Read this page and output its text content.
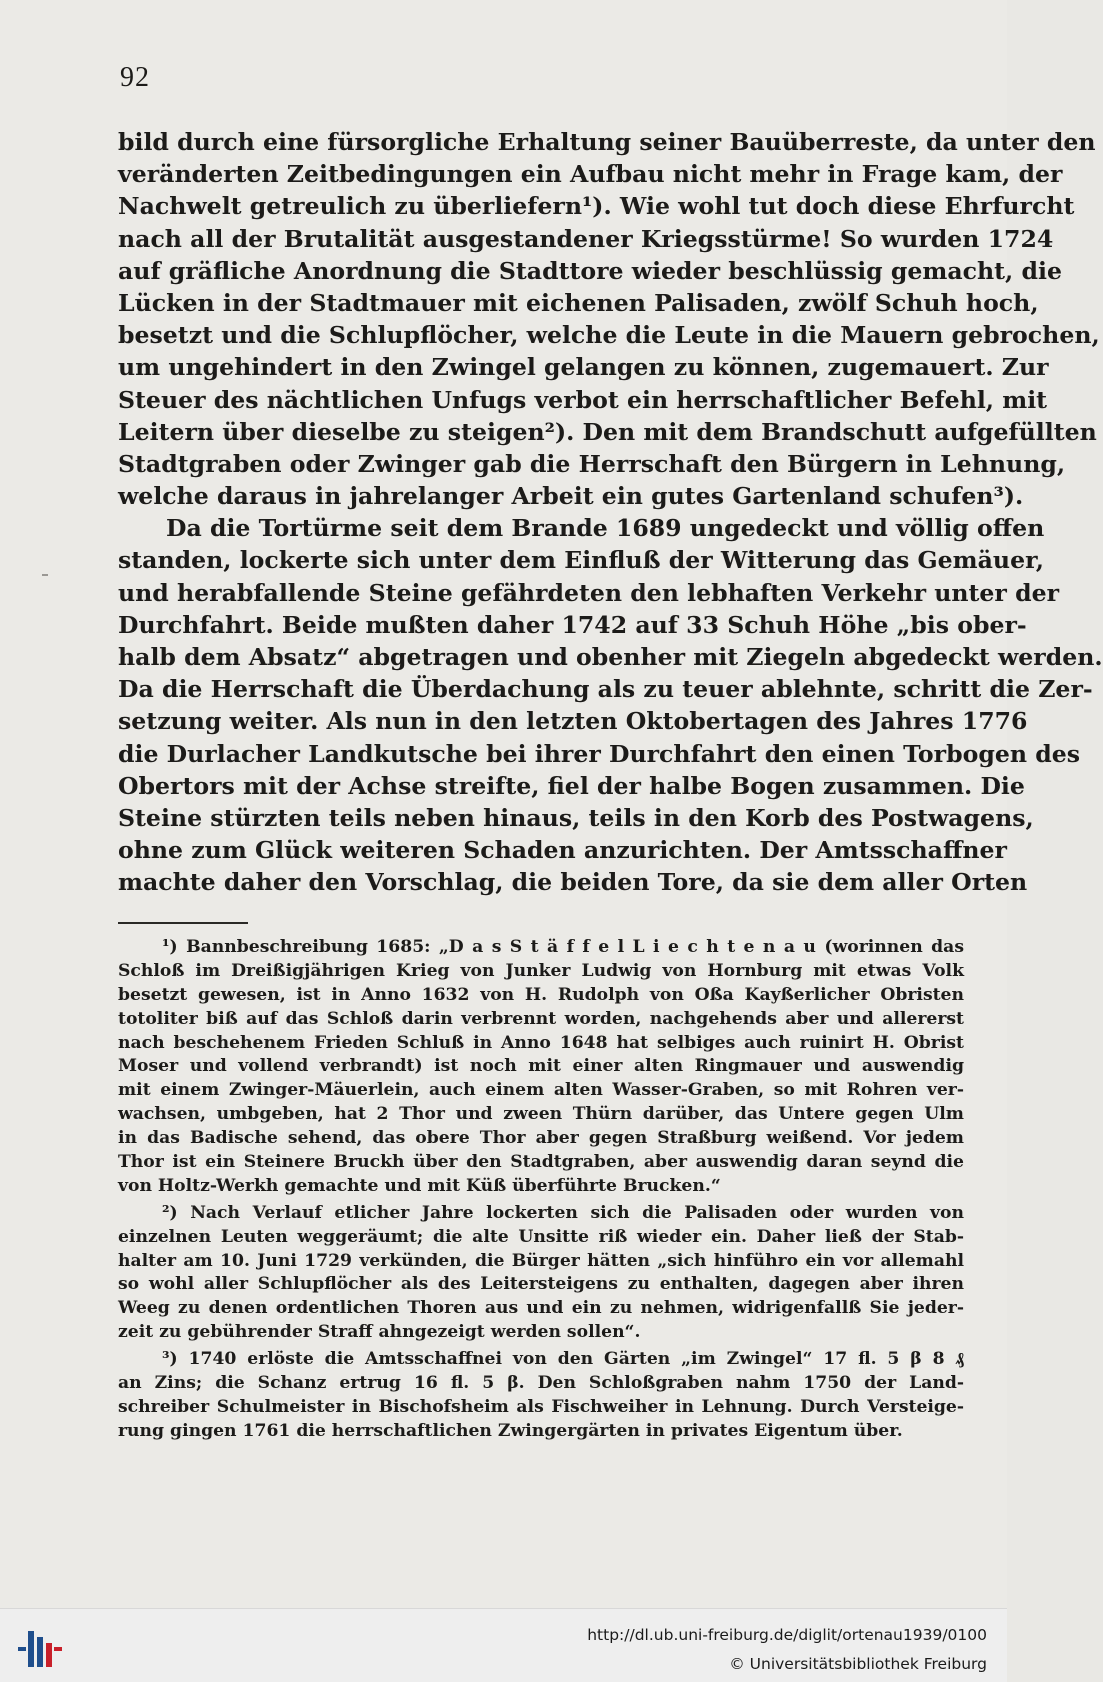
92
bild durch eine fürsorgliche Erhaltung seiner Bauüberreste, da unter den
veränderten Zeitbedingungen ein Aufbau nicht mehr in Frage kam, der
Nachwelt getreulich zu überliefern¹). Wie wohl tut doch diese Ehrfurcht
nach all der Brutalität ausgestandener Kriegsstürme! So wurden 1724
auf gräfliche Anordnung die Stadttore wieder beschlüssig gemacht, die
Lücken in der Stadtmauer mit eichenen Palisaden, zwölf Schuh hoch,
besetzt und die Schlupflöcher, welche die Leute in die Mauern gebrochen,
um ungehindert in den Zwingel gelangen zu können, zugemauert. Zur
Steuer des nächtlichen Unfugs verbot ein herrschaftlicher Befehl, mit
Leitern über dieselbe zu steigen²). Den mit dem Brandschutt aufgefüllten
Stadtgraben oder Zwinger gab die Herrschaft den Bürgern in Lehnung,
welche daraus in jahrelanger Arbeit ein gutes Gartenland schufen³).
Da die Tortürme seit dem Brande 1689 ungedeckt und völlig offen
standen, lockerte sich unter dem Einfluß der Witterung das Gemäuer,
und herabfallende Steine gefährdeten den lebhaften Verkehr unter der
Durchfahrt. Beide mußten daher 1742 auf 33 Schuh Höhe „bis ober-
halb dem Absatz“ abgetragen und obenher mit Ziegeln abgedeckt werden.
Da die Herrschaft die Überdachung als zu teuer ablehnte, schritt die Zer-
setzung weiter. Als nun in den letzten Oktobertagen des Jahres 1776
die Durlacher Landkutsche bei ihrer Durchfahrt den einen Torbogen des
Obertors mit der Achse streifte, fiel der halbe Bogen zusammen. Die
Steine stürzten teils neben hinaus, teils in den Korb des Postwagens,
ohne zum Glück weiteren Schaden anzurichten. Der Amtsschaffner
machte daher den Vorschlag, die beiden Tore, da sie dem aller Orten
¹) Bannbeschreibung 1685: „D a s S t ä f f e l L i e c h t e n a u (worinnen das
Schloß im Dreißigjährigen Krieg von Junker Ludwig von Hornburg mit etwas Volk
besetzt gewesen, ist in Anno 1632 von H. Rudolph von Oßa Kayßerlicher Obristen
totoliter biß auf das Schloß darin verbrennt worden, nachgehends aber und allererst
nach beschehenem Frieden Schluß in Anno 1648 hat selbiges auch ruinirt H. Obrist
Moser und vollend verbrandt) ist noch mit einer alten Ringmauer und auswendig
mit einem Zwinger-Mäuerlein, auch einem alten Wasser-Graben, so mit Rohren ver-
wachsen, umbgeben, hat 2 Thor und zween Thürn darüber, das Untere gegen Ulm
in das Badische sehend, das obere Thor aber gegen Straßburg weißend. Vor jedem
Thor ist ein Steinere Bruckh über den Stadtgraben, aber auswendig daran seynd die
von Holtz-Werkh gemachte und mit Küß überführte Brucken.“
²) Nach Verlauf etlicher Jahre lockerten sich die Palisaden oder wurden von
einzelnen Leuten weggeräumt; die alte Unsitte riß wieder ein. Daher ließ der Stab-
halter am 10. Juni 1729 verkünden, die Bürger hätten „sich hinführo ein vor allemahl
so wohl aller Schlupflöcher als des Leitersteigens zu enthalten, dagegen aber ihren
Weeg zu denen ordentlichen Thoren aus und ein zu nehmen, widrigenfallß Sie jeder-
zeit zu gebührender Straff ahngezeigt werden sollen“.
³) 1740 erlöste die Amtsschaffnei von den Gärten „im Zwingel“ 17 fl. 5 β 8 ₰
an Zins; die Schanz ertrug 16 fl. 5 β. Den Schloßgraben nahm 1750 der Land-
schreiber Schulmeister in Bischofsheim als Fischweiher in Lehnung. Durch Versteige-
rung gingen 1761 die herrschaftlichen Zwingergärten in privates Eigentum über.
http://dl.ub.uni-freiburg.de/diglit/ortenau1939/0100
© Universitätsbibliothek Freiburg
